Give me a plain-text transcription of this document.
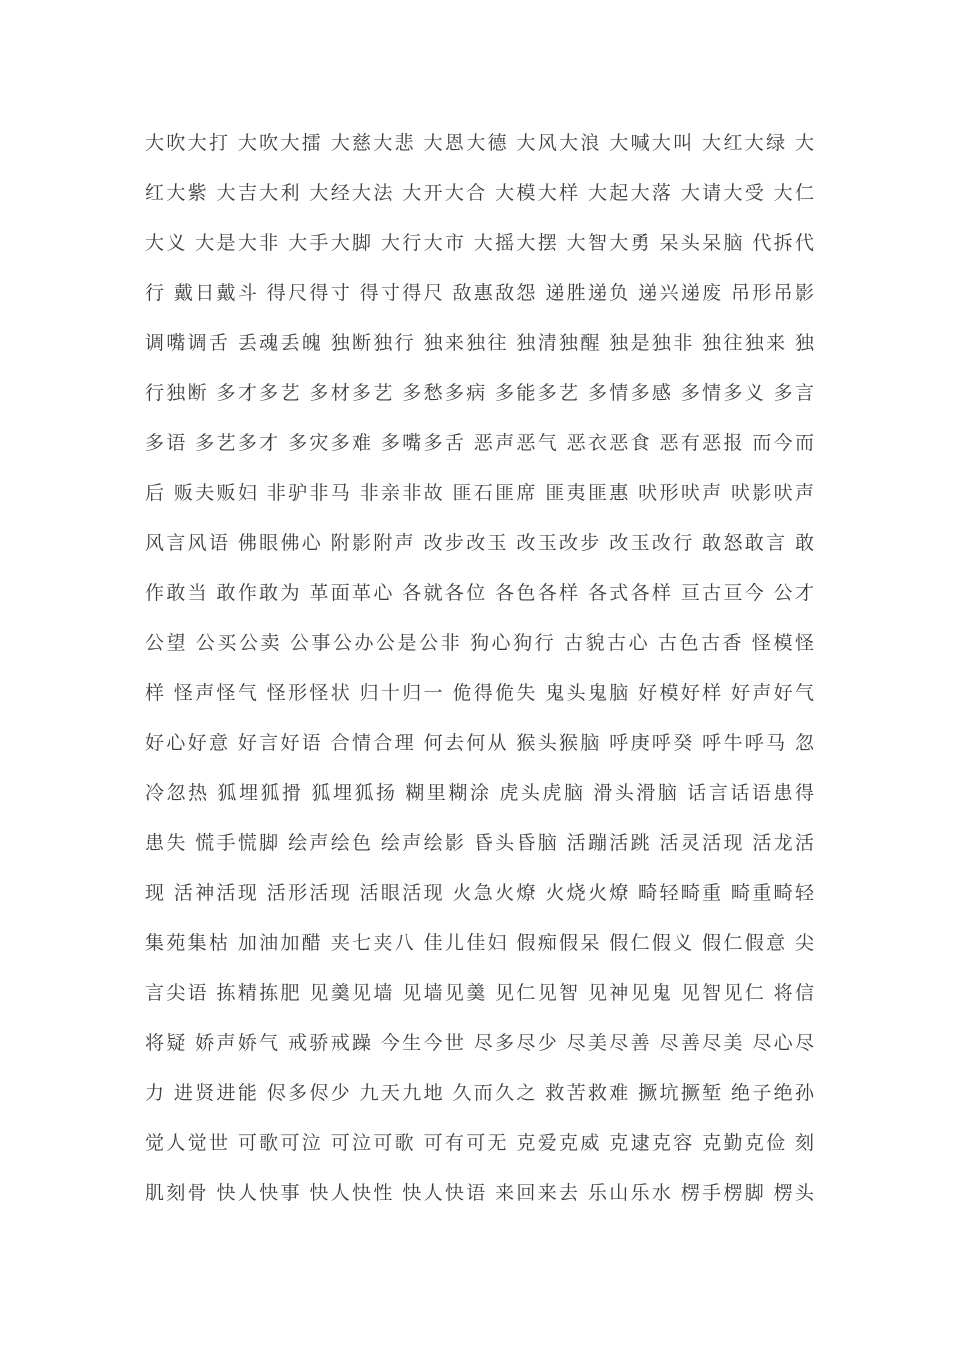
大吹大打 大吹大擂 大慈大悲 大恩大德 大风大浪 大喊大叫 大红大绿 大
红大紫 大吉大利 大经大法 大开大合 大模大样 大起大落 大请大受 大仁
大义 大是大非 大手大脚 大行大市 大摇大摆 大智大勇 呆头呆脑 代拆代
行 戴日戴斗 得尺得寸 得寸得尺 敌惠敌怨 递胜递负 递兴递废 吊形吊影
调嘴调舌 丢魂丢魄 独断独行 独来独往 独清独醒 独是独非 独往独来 独
行独断 多才多艺 多材多艺 多愁多病 多能多艺 多情多感 多情多义 多言
多语 多艺多才 多灾多难 多嘴多舌 恶声恶气 恶衣恶食 恶有恶报 而今而
后 贩夫贩妇 非驴非马 非亲非故 匪石匪席 匪夷匪惠 吠形吠声 吠影吠声
风言风语 佛眼佛心 附影附声 改步改玉 改玉改步 改玉改行 敢怒敢言 敢
作敢当 敢作敢为 革面革心 各就各位 各色各样 各式各样 亘古亘今 公才
公望 公买公卖 公事公办公是公非 狗心狗行 古貌古心 古色古香 怪模怪
样 怪声怪气 怪形怪状 归十归一 佹得佹失 鬼头鬼脑 好模好样 好声好气
好心好意 好言好语 合情合理 何去何从 猴头猴脑 呼庚呼癸 呼牛呼马 忽
冷忽热 狐埋狐搰 狐埋狐扬 糊里糊涂 虎头虎脑 滑头滑脑 话言话语患得
患失 慌手慌脚 绘声绘色 绘声绘影 昏头昏脑 活蹦活跳 活灵活现 活龙活
现 活神活现 活形活现 活眼活现 火急火燎 火烧火燎 畸轻畸重 畸重畸轻
集苑集枯 加油加醋 夹七夹八 佳儿佳妇 假痴假呆 假仁假义 假仁假意 尖
言尖语 拣精拣肥 见羹见墙 见墙见羹 见仁见智 见神见鬼 见智见仁 将信
将疑 娇声娇气 戒骄戒躁 今生今世 尽多尽少 尽美尽善 尽善尽美 尽心尽
力 进贤进能 侭多侭少 九天九地 久而久之 救苦救难 撅坑撅堑 绝子绝孙
觉人觉世 可歌可泣 可泣可歌 可有可无 克爱克威 克逮克容 克勤克俭 刻
肌刻骨 快人快事 快人快性 快人快语 来回来去 乐山乐水 楞手楞脚 楞头
